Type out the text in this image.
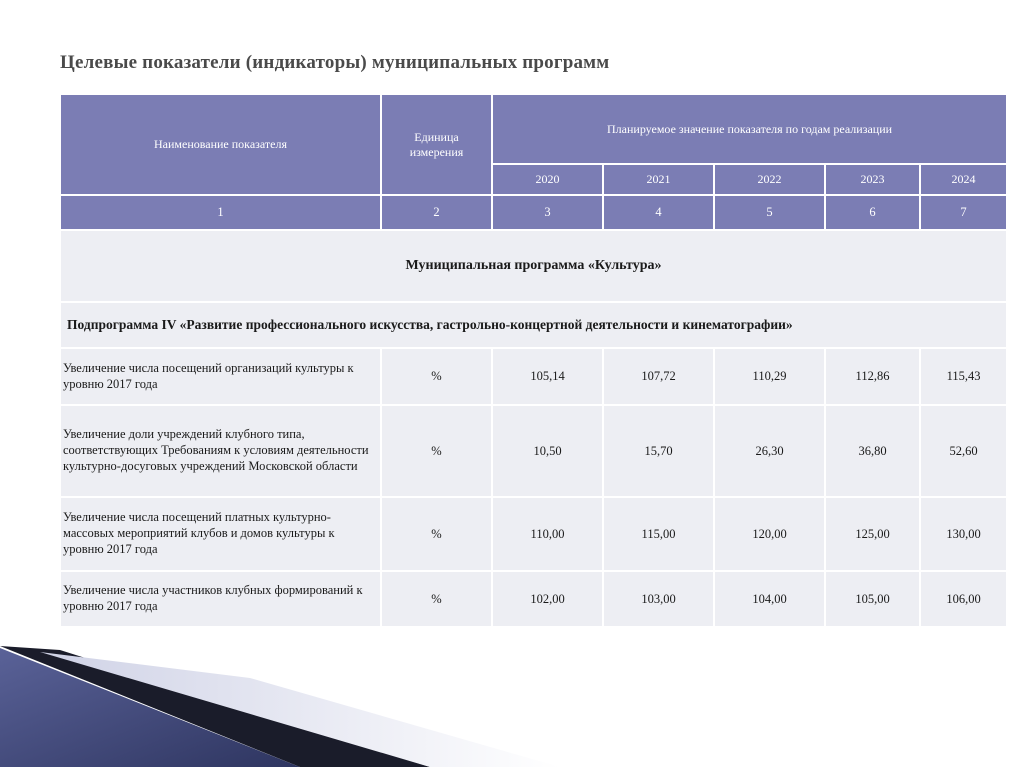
Целевые показатели (индикаторы) муниципальных программ
Наименование показателя	Единица измерения	Планируемое значение показателя по годам реализации				
		2020	2021	2022	2023	2024
1	2	3	4	5	6	7
Муниципальная программа «Культура»						
Подпрограмма IV «Развитие профессионального искусства, гастрольно-концертной деятельности и кинематографии»						
Увеличение числа посещений организаций культуры к уровню 2017 года	%	105,14	107,72	110,29	112,86	115,43
Увеличение доли учреждений клубного типа, соответствующих Требованиям к условиям деятельности культурно-досуговых учреждений Московской области	%	10,50	15,70	26,30	36,80	52,60
Увеличение числа посещений платных культурно-массовых мероприятий клубов и домов культуры к уровню 2017 года	%	110,00	115,00	120,00	125,00	130,00
Увеличение числа участников клубных формирований к уровню 2017 года	%	102,00	103,00	104,00	105,00	106,00
